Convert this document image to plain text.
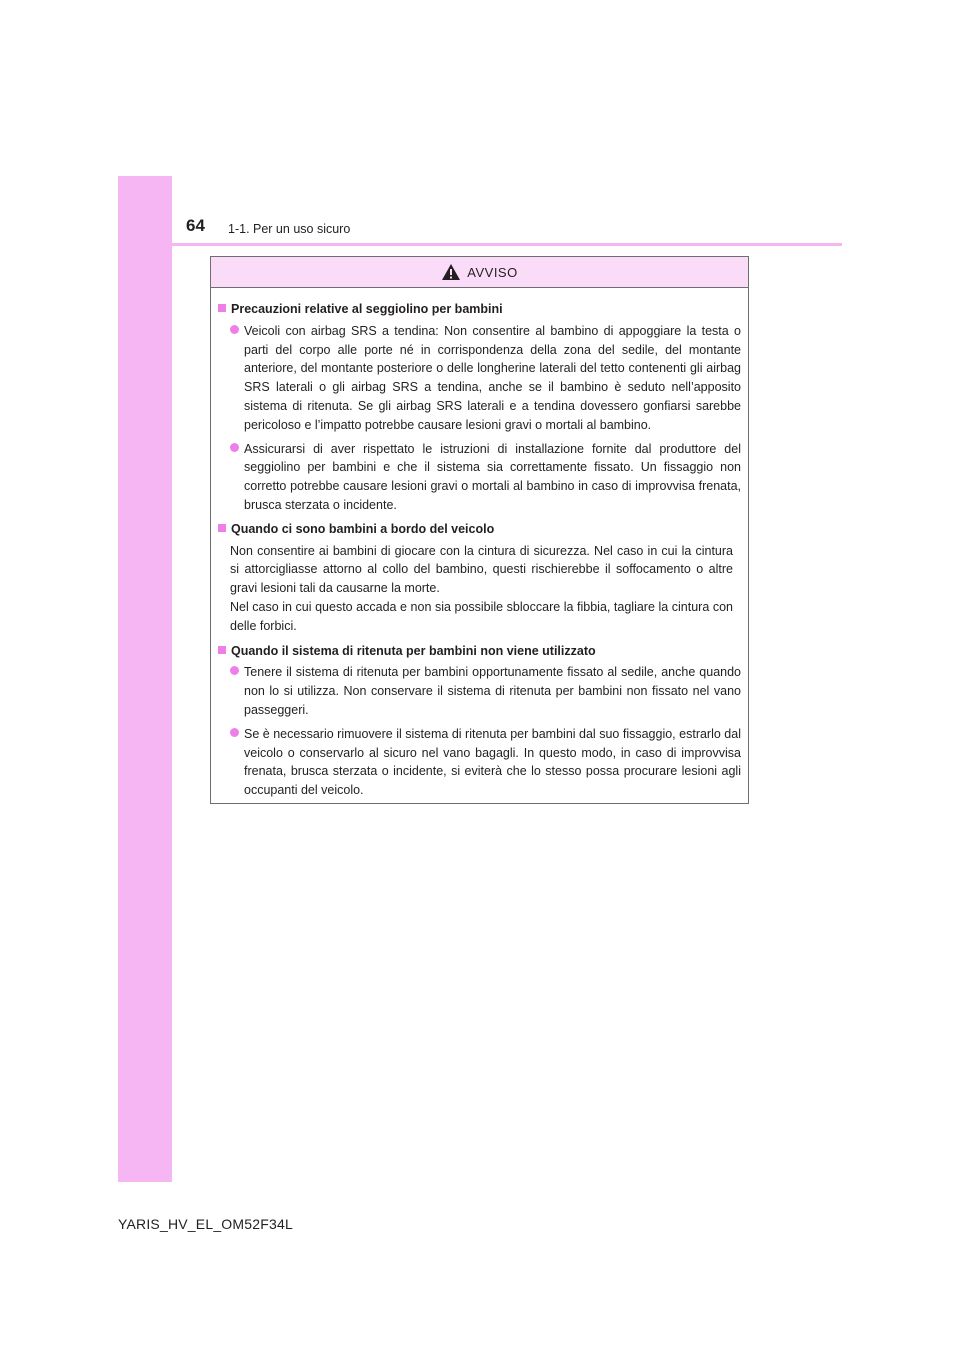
64 1-1. Per un uso sicuro
AVVISO
Precauzioni relative al seggiolino per bambini
Veicoli con airbag SRS a tendina: Non consentire al bambino di appoggiare la testa o parti del corpo alle porte né in corrispondenza della zona del sedile, del montante anteriore, del montante posteriore o delle longherine laterali del tetto contenenti gli airbag SRS laterali o gli airbag SRS a tendina, anche se il bambino è seduto nell’apposito sistema di ritenuta. Se gli airbag SRS laterali e a tendina dovessero gonfiarsi sarebbe pericoloso e l’impatto potrebbe causare lesioni gravi o mortali al bambino.
Assicurarsi di aver rispettato le istruzioni di installazione fornite dal produttore del seggiolino per bambini e che il sistema sia correttamente fissato. Un fissaggio non corretto potrebbe causare lesioni gravi o mortali al bambino in caso di improvvisa frenata, brusca sterzata o incidente.
Quando ci sono bambini a bordo del veicolo
Non consentire ai bambini di giocare con la cintura di sicurezza. Nel caso in cui la cintura si attorcigliasse attorno al collo del bambino, questi rischierebbe il soffocamento o altre gravi lesioni tali da causarne la morte.
Nel caso in cui questo accada e non sia possibile sbloccare la fibbia, tagliare la cintura con delle forbici.
Quando il sistema di ritenuta per bambini non viene utilizzato
Tenere il sistema di ritenuta per bambini opportunamente fissato al sedile, anche quando non lo si utilizza. Non conservare il sistema di ritenuta per bambini non fissato nel vano passeggeri.
Se è necessario rimuovere il sistema di ritenuta per bambini dal suo fissaggio, estrarlo dal veicolo o conservarlo al sicuro nel vano bagagli. In questo modo, in caso di improvvisa frenata, brusca sterzata o incidente, si eviterà che lo stesso possa procurare lesioni agli occupanti del veicolo.
YARIS_HV_EL_OM52F34L
